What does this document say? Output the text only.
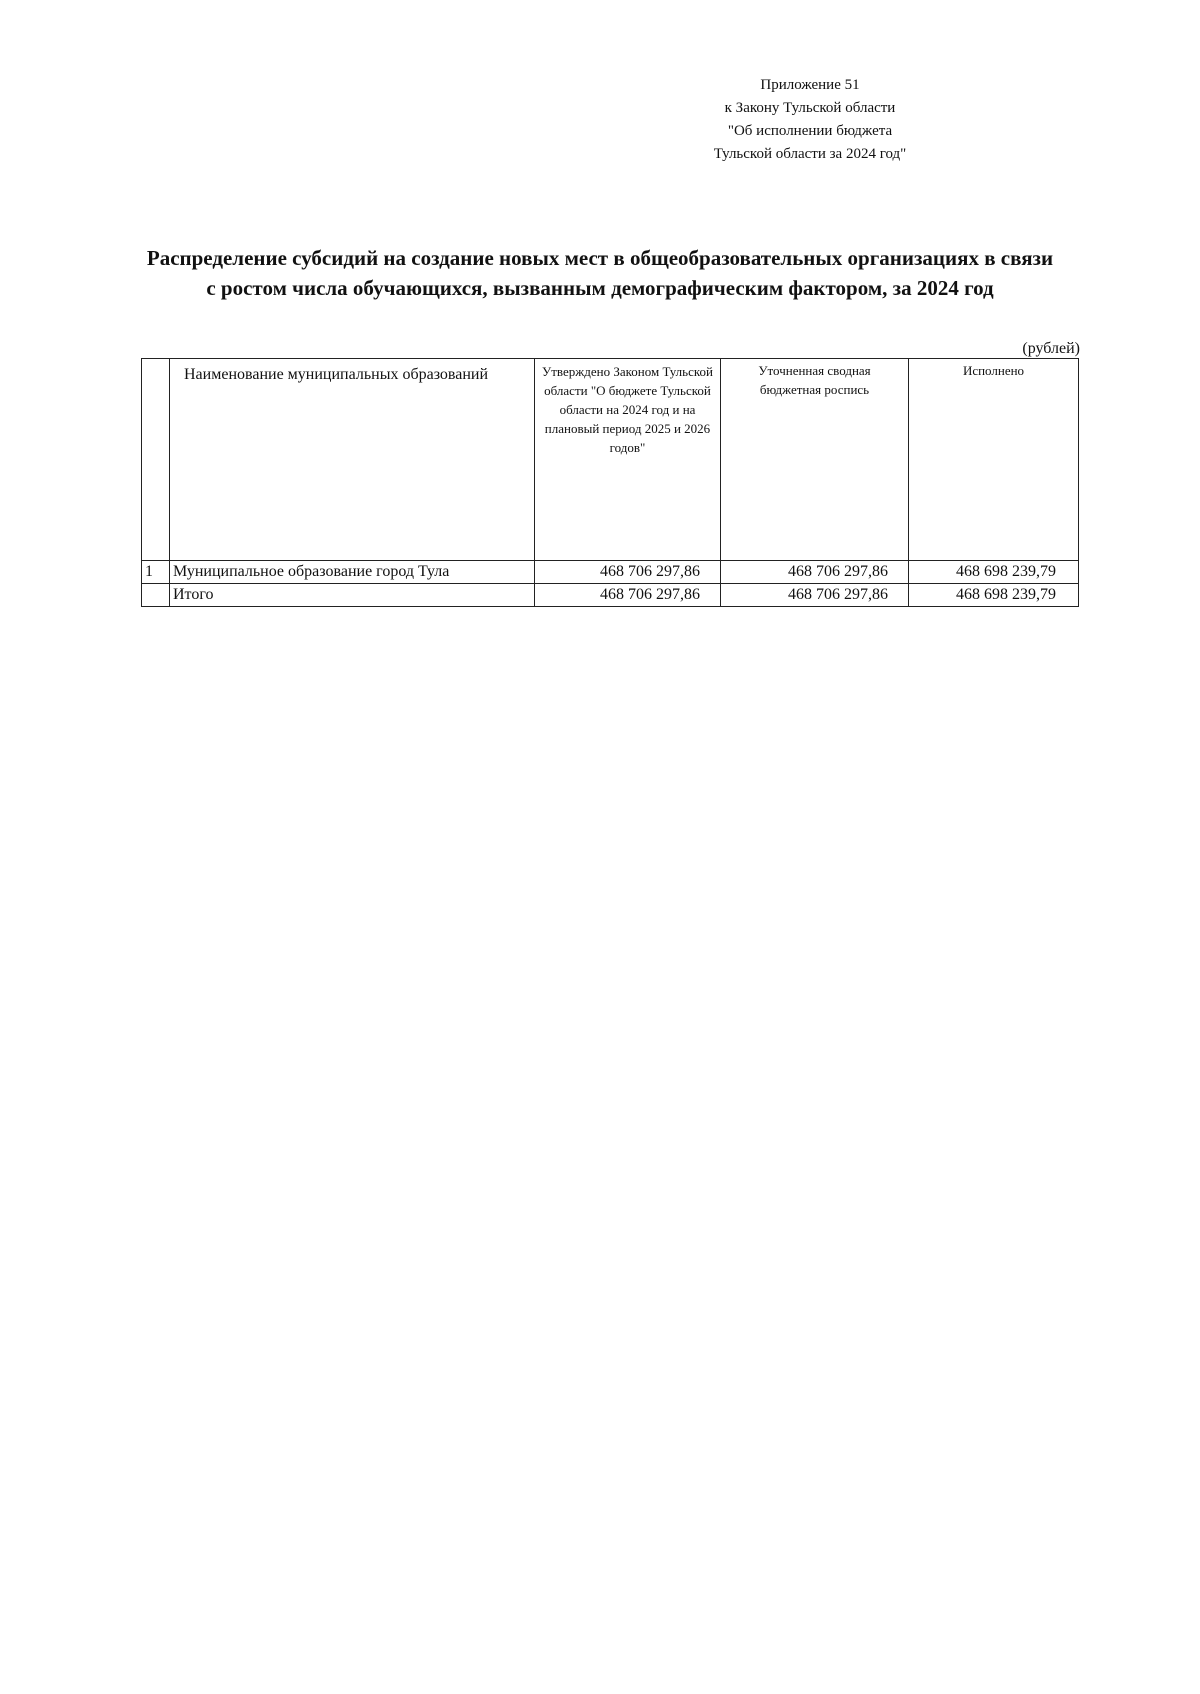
Приложение 51
к Закону Тульской области
"Об исполнении бюджета
Тульской области за 2024 год"
Распределение субсидий на создание новых мест в общеобразовательных организациях в связи
с ростом числа обучающихся, вызванным демографическим фактором, за 2024 год
(рублей)
	Наименование муниципальных образований	Утверждено Законом Тульской области "О бюджете Тульской области на 2024 год и на плановый период 2025 и 2026 годов"	Уточненная сводная бюджетная роспись	Исполнено
1	Муниципальное образование город Тула	468 706 297,86	468 706 297,86	468 698 239,79
	Итого	468 706 297,86	468 706 297,86	468 698 239,79
